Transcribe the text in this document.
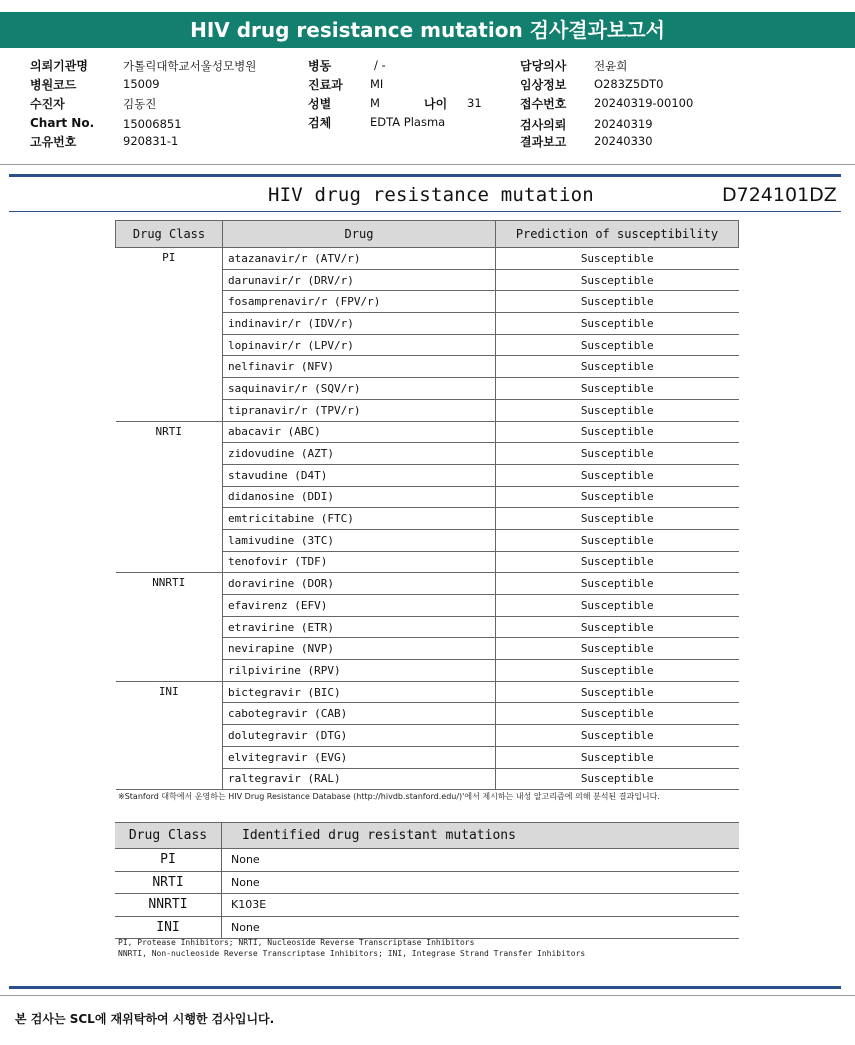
HIV drug resistance mutation 검사결과보고서
의뢰기관명	가톨릭대학교서울성모병원
병원코드	15009
수진자	김동진
Chart No.	15006851
고유번호	920831-1
병동	/ -
진료과 MI
성별	M	나이 31
검체	EDTA Plasma
담당의사 전윤희
임상정보 O283Z5DT0
접수번호 20240319-00100
검사의뢰 20240319
결과보고 20240330
HIV drug resistance mutation	D724101DZ
Drug Class	Drug	Prediction of susceptibility
PI	atazanavir/r (ATV/r)	Susceptible
	darunavir/r (DRV/r)	Susceptible
	fosamprenavir/r (FPV/r)	Susceptible
	indinavir/r (IDV/r)	Susceptible
	lopinavir/r (LPV/r)	Susceptible
	nelfinavir (NFV)	Susceptible
	saquinavir/r (SQV/r)	Susceptible
	tipranavir/r (TPV/r)	Susceptible
NRTI	abacavir (ABC)	Susceptible
	zidovudine (AZT)	Susceptible
	stavudine (D4T)	Susceptible
	didanosine (DDI)	Susceptible
	emtricitabine (FTC)	Susceptible
	lamivudine (3TC)	Susceptible
	tenofovir (TDF)	Susceptible
NNRTI	doravirine (DOR)	Susceptible
	efavirenz (EFV)	Susceptible
	etravirine (ETR)	Susceptible
	nevirapine (NVP)	Susceptible
	rilpivirine (RPV)	Susceptible
INI	bictegravir (BIC)	Susceptible
	cabotegravir (CAB)	Susceptible
	dolutegravir (DTG)	Susceptible
	elvitegravir (EVG)	Susceptible
	raltegravir (RAL)	Susceptible
※Stanford 대학에서 운영하는 HIV Drug Resistance Database (http://hivdb.stanford.edu/)'에서 제시하는 내성 알고리즘에 의해 분석된 결과입니다.
Drug Class	Identified drug resistant mutations
PI	None
NRTI	None
NNRTI	K103E
INI	None
PI, Protease Inhibitors; NRTI, Nucleoside Reverse Transcriptase Inhibitors
NNRTI, Non-nucleoside Reverse Transcriptase Inhibitors; INI, Integrase Strand Transfer Inhibitors
본 검사는 SCL에 재위탁하여 시행한 검사입니다.
